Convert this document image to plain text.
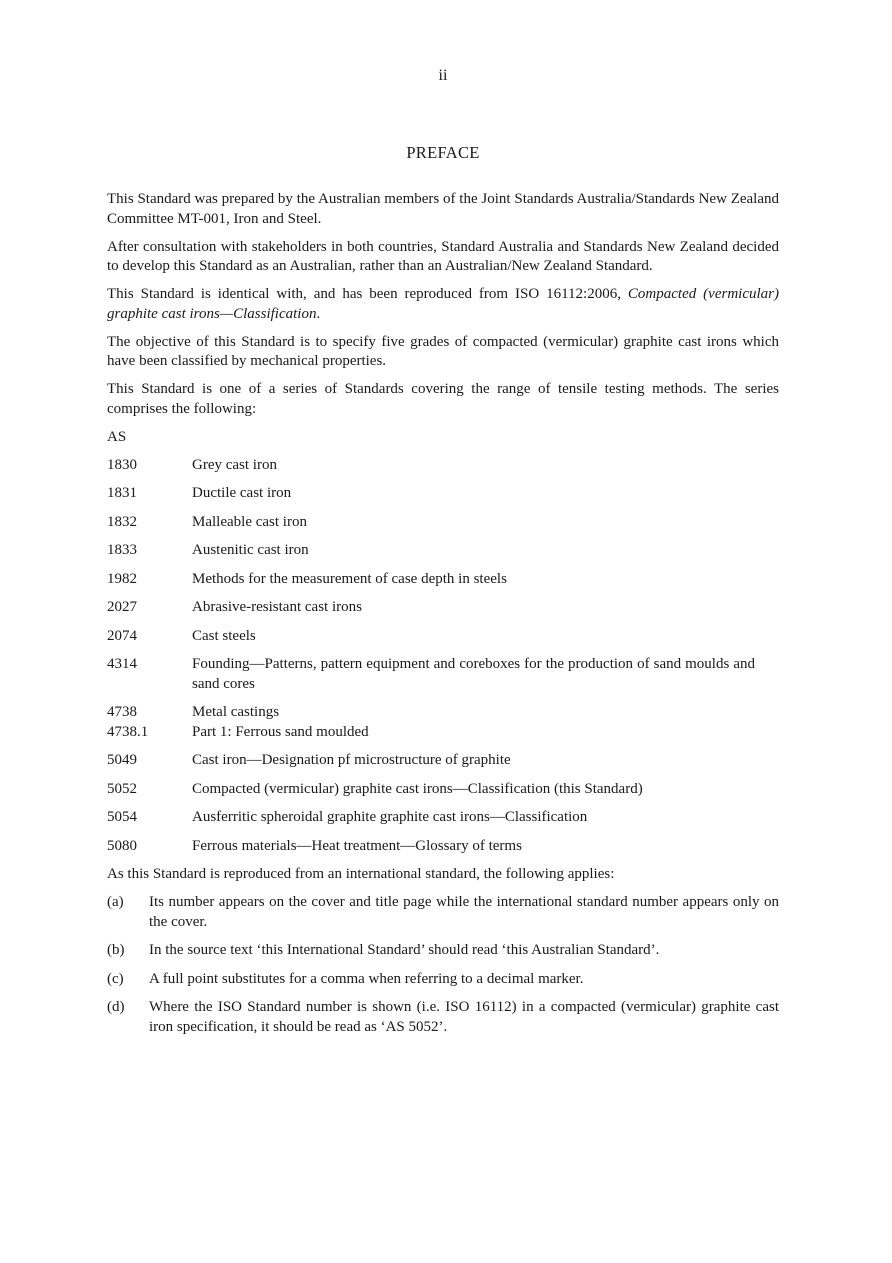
ii
PREFACE

This Standard was prepared by the Australian members of the Joint Standards Australia/Standards New Zealand Committee MT-001, Iron and Steel.

After consultation with stakeholders in both countries, Standard Australia and Standards New Zealand decided to develop this Standard as an Australian, rather than an Australian/New Zealand Standard.

This Standard is identical with, and has been reproduced from ISO 16112:2006, Compacted (vermicular) graphite cast irons—Classification.

The objective of this Standard is to specify five grades of compacted (vermicular) graphite cast irons which have been classified by mechanical properties.

This Standard is one of a series of Standards covering the range of tensile testing methods. The series comprises the following:

AS
1830	Grey cast iron
1831	Ductile cast iron
1832	Malleable cast iron
1833	Austenitic cast iron
1982	Methods for the measurement of case depth in steels
2027	Abrasive-resistant cast irons
2074	Cast steels
4314	Founding—Patterns, pattern equipment and coreboxes for the production of sand moulds and sand cores
4738	Metal castings
4738.1	Part 1: Ferrous sand moulded
5049	Cast iron—Designation pf microstructure of graphite
5052	Compacted (vermicular) graphite cast irons—Classification (this Standard)
5054	Ausferritic spheroidal graphite graphite cast irons—Classification
5080	Ferrous materials—Heat treatment—Glossary of terms

As this Standard is reproduced from an international standard, the following applies:

(a)	Its number appears on the cover and title page while the international standard number appears only on the cover.
(b)	In the source text ‘this International Standard’ should read ‘this Australian Standard’.
(c)	A full point substitutes for a comma when referring to a decimal marker.
(d)	Where the ISO Standard number is shown (i.e. ISO 16112) in a compacted (vermicular) graphite cast iron specification, it should be read as ‘AS 5052’.
